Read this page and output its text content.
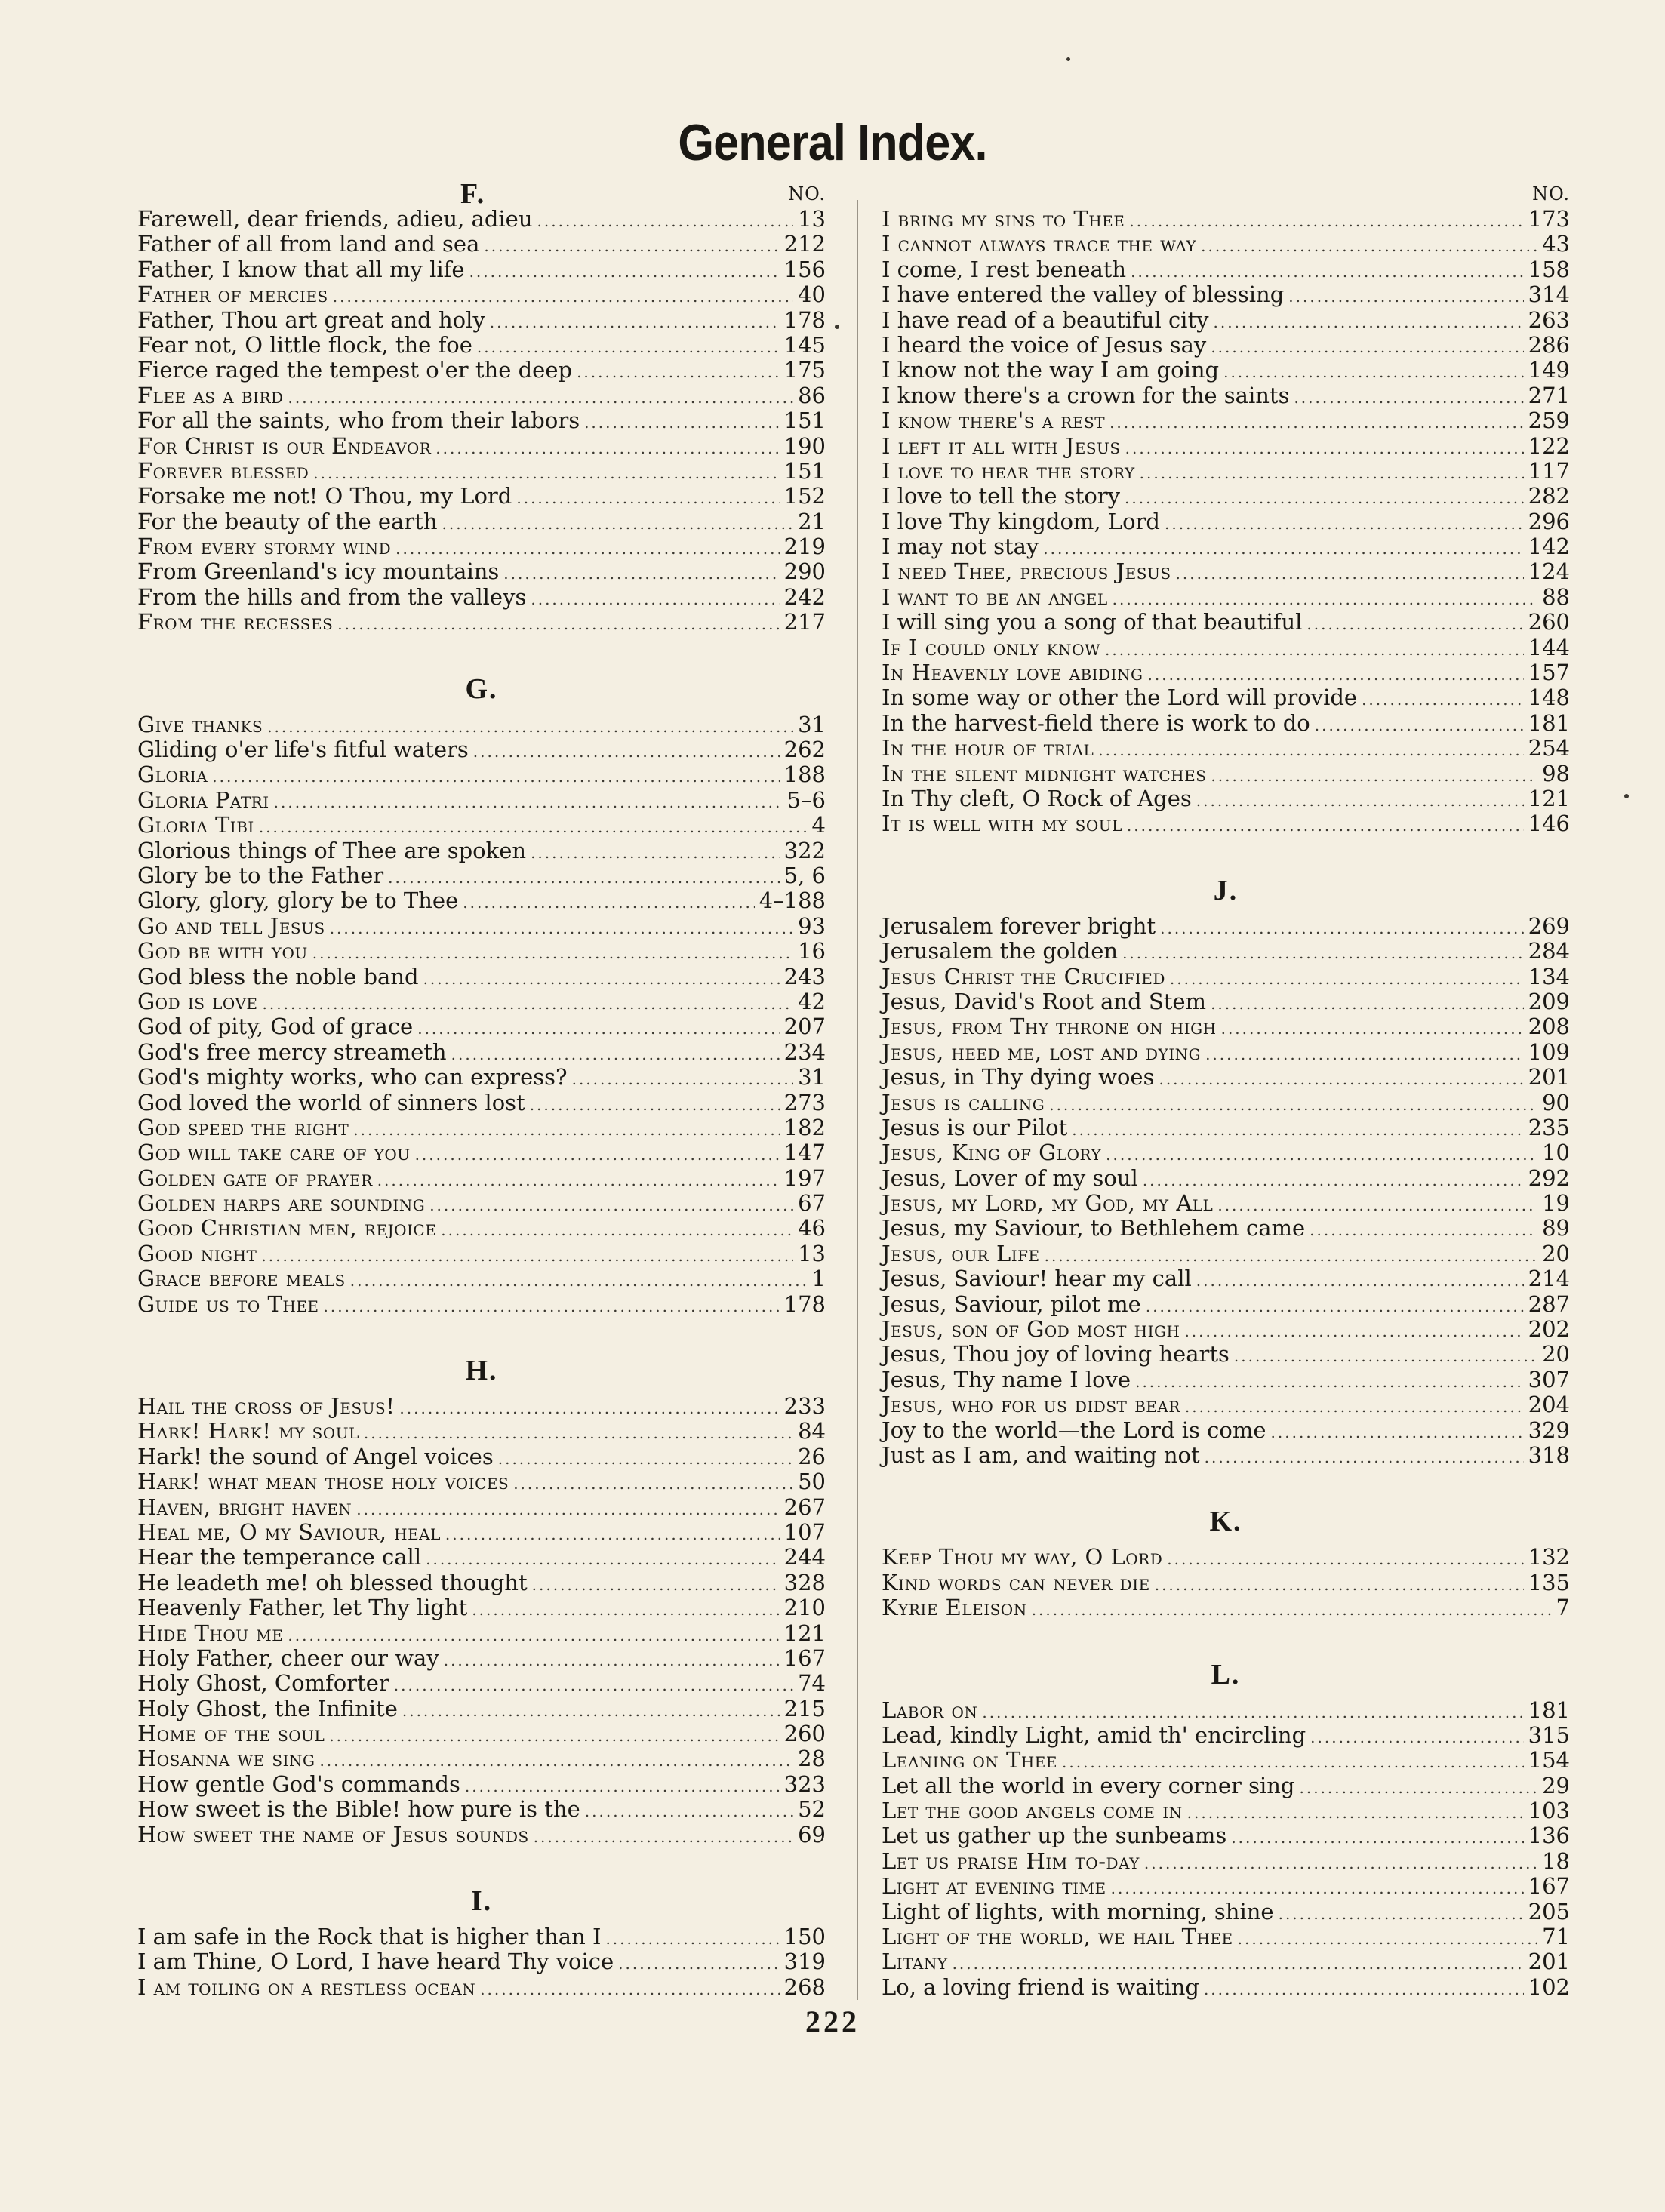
General Index.
NO.
F.
Farewell, dear friends, adieu, adieu .....	13
Father of all from land and sea .....	212
Father, I know that all my life .....	156
Father of mercies .....	40
Father, Thou art great and holy .....	178
Fear not, O little flock, the foe .....	145
Fierce raged the tempest o'er the deep .....	175
Flee as a bird .....	86
For all the saints, who from their labors .....	151
For Christ is our Endeavor .....	190
Forever blessed .....	151
Forsake me not! O Thou, my Lord .....	152
For the beauty of the earth .....	21
From every stormy wind .....	219
From Greenland's icy mountains .....	290
From the hills and from the valleys .....	242
From the recesses .....	217
G.
Give thanks .....	31
Gliding o'er life's fitful waters .....	262
Gloria .....	188
Gloria Patri .....	5–6
Gloria Tibi .....	4
Glorious things of Thee are spoken .....	322
Glory be to the Father .....	5, 6
Glory, glory, glory be to Thee .....	4–188
Go and tell Jesus .....	93
God be with you .....	16
God bless the noble band .....	243
God is love .....	42
God of pity, God of grace .....	207
God's free mercy streameth .....	234
God's mighty works, who can express? .....	31
God loved the world of sinners lost .....	273
God speed the right .....	182
God will take care of you .....	147
Golden gate of prayer .....	197
Golden harps are sounding .....	67
Good Christian men, rejoice .....	46
Good night .....	13
Grace before meals .....	1
Guide us to Thee .....	178
H.
Hail the cross of Jesus! .....	233
Hark! Hark! my soul .....	84
Hark! the sound of Angel voices .....	26
Hark! what mean those holy voices .....	50
Haven, bright haven .....	267
Heal me, O my Saviour, heal .....	107
Hear the temperance call .....	244
He leadeth me! oh blessed thought .....	328
Heavenly Father, let Thy light .....	210
Hide Thou me .....	121
Holy Father, cheer our way .....	167
Holy Ghost, Comforter .....	74
Holy Ghost, the Infinite .....	215
Home of the soul .....	260
Hosanna we sing .....	28
How gentle God's commands .....	323
How sweet is the Bible! how pure is the .....	52
How sweet the name of Jesus sounds .....	69
I.
I am safe in the Rock that is higher than I .....	150
I am Thine, O Lord, I have heard Thy voice .....	319
I am toiling on a restless ocean .....	268
NO.
I bring my sins to Thee .....	173
I cannot always trace the way .....	43
I come, I rest beneath .....	158
I have entered the valley of blessing .....	314
I have read of a beautiful city .....	263
I heard the voice of Jesus say .....	286
I know not the way I am going .....	149
I know there's a crown for the saints .....	271
I know there's a rest .....	259
I left it all with Jesus .....	122
I love to hear the story .....	117
I love to tell the story .....	282
I love Thy kingdom, Lord .....	296
I may not stay .....	142
I need Thee, precious Jesus .....	124
I want to be an angel .....	88
I will sing you a song of that beautiful .....	260
If I could only know .....	144
In Heavenly love abiding .....	157
In some way or other the Lord will provide .....	148
In the harvest-field there is work to do .....	181
In the hour of trial .....	254
In the silent midnight watches .....	98
In Thy cleft, O Rock of Ages .....	121
It is well with my soul .....	146
J.
Jerusalem forever bright .....	269
Jerusalem the golden .....	284
Jesus Christ the Crucified .....	134
Jesus, David's Root and Stem .....	209
Jesus, from Thy throne on high .....	208
Jesus, heed me, lost and dying .....	109
Jesus, in Thy dying woes .....	201
Jesus is calling .....	90
Jesus is our Pilot .....	235
Jesus, King of Glory .....	10
Jesus, Lover of my soul .....	292
Jesus, my Lord, my God, my All .....	19
Jesus, my Saviour, to Bethlehem came .....	89
Jesus, our Life .....	20
Jesus, Saviour! hear my call .....	214
Jesus, Saviour, pilot me .....	287
Jesus, son of God most high .....	202
Jesus, Thou joy of loving hearts .....	20
Jesus, Thy name I love .....	307
Jesus, who for us didst bear .....	204
Joy to the world—the Lord is come .....	329
Just as I am, and waiting not .....	318
K.
Keep Thou my way, O Lord .....	132
Kind words can never die .....	135
Kyrie Eleison .....	7
L.
Labor on .....	181
Lead, kindly Light, amid th' encircling .....	315
Leaning on Thee .....	154
Let all the world in every corner sing .....	29
Let the good angels come in .....	103
Let us gather up the sunbeams .....	136
Let us praise Him to-day .....	18
Light at evening time .....	167
Light of lights, with morning, shine .....	205
Light of the world, we hail Thee .....	71
Litany .....	201
Lo, a loving friend is waiting .....	102
222
